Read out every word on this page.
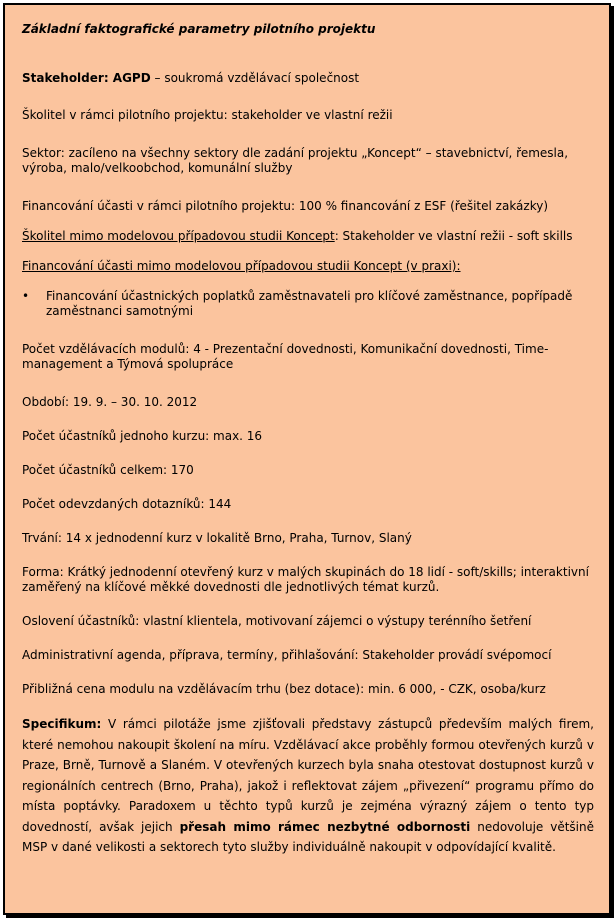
Základní faktografické parametry pilotního projektu

Stakeholder: AGPD – soukromá vzdělávací společnost

Školitel v rámci pilotního projektu: stakeholder ve vlastní režii

Sektor: zacíleno na všechny sektory dle zadání projektu „Koncept“ – stavebnictví, řemesla, výroba, malo/velkoobchod, komunální služby

Financování účasti v rámci pilotního projektu: 100 % financování z ESF (řešitel zakázky)

Školitel mimo modelovou případovou studii Koncept: Stakeholder ve vlastní režii - soft skills

Financování účasti mimo modelovou případovou studii Koncept (v praxi):

•	Financování účastnických poplatků zaměstnavateli pro klíčové zaměstnance, popřípadě zaměstnanci samotnými

Počet vzdělávacích modulů: 4 - Prezentační dovednosti, Komunikační dovednosti, Time-management a Týmová spolupráce

Období: 19. 9. – 30. 10. 2012

Počet účastníků jednoho kurzu: max. 16

Počet účastníků celkem: 170

Počet odevzdaných dotazníků: 144

Trvání: 14 x jednodenní kurz v lokalitě Brno, Praha, Turnov, Slaný

Forma: Krátký jednodenní otevřený kurz v malých skupinách do 18 lidí - soft/skills; interaktivní zaměřený na klíčové měkké dovednosti dle jednotlivých témat kurzů.

Oslovení účastníků: vlastní klientela, motivovaní zájemci o výstupy terénního šetření

Administrativní agenda, příprava, termíny, přihlašování: Stakeholder provádí svépomocí

Přibližná cena modulu na vzdělávacím trhu (bez dotace): min. 6 000, - CZK, osoba/kurz

Specifikum: V rámci pilotáže jsme zjišťovali představy zástupců především malých firem, které nemohou nakoupit školení na míru. Vzdělávací akce proběhly formou otevřených kurzů v Praze, Brně, Turnově a Slaném. V otevřených kurzech byla snaha otestovat dostupnost kurzů v regionálních centrech (Brno, Praha), jakož i reflektovat zájem „přivezení“ programu přímo do místa poptávky. Paradoxem u těchto typů kurzů je zejména výrazný zájem o tento typ dovedností, avšak jejich přesah mimo rámec nezbytné odbornosti nedovoluje většině MSP v dané velikosti a sektorech tyto služby individuálně nakoupit v odpovídající kvalitě.
